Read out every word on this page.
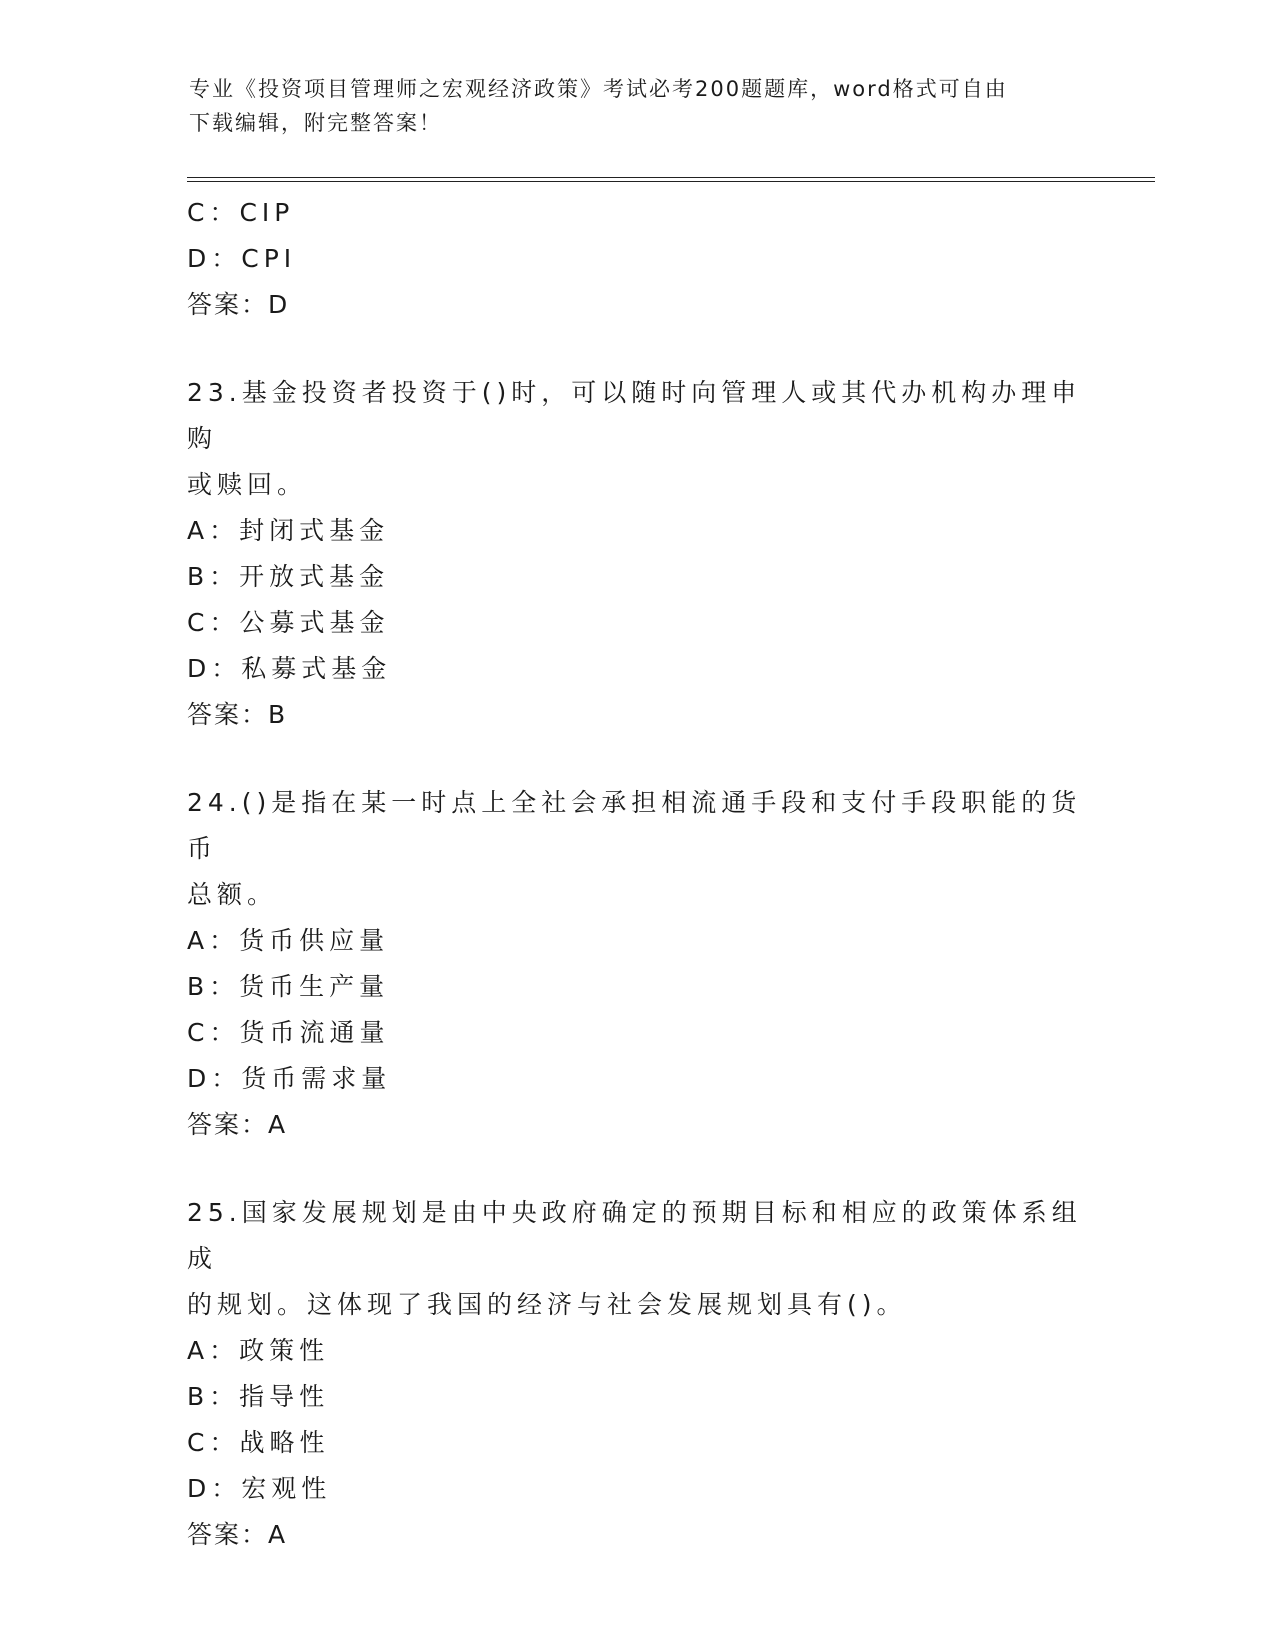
专业《投资项目管理师之宏观经济政策》考试必考200题题库，word格式可自由
下载编辑，附完整答案！
C：CIP
D：CPI
答案：D
23.基金投资者投资于()时，可以随时向管理人或其代办机构办理申购
或赎回。
A：封闭式基金
B：开放式基金
C：公募式基金
D：私募式基金
答案：B
24.()是指在某一时点上全社会承担相流通手段和支付手段职能的货币
总额。
A：货币供应量
B：货币生产量
C：货币流通量
D：货币需求量
答案：A
25.国家发展规划是由中央政府确定的预期目标和相应的政策体系组成
的规划。这体现了我国的经济与社会发展规划具有()。
A：政策性
B：指导性
C：战略性
D：宏观性
答案：A
